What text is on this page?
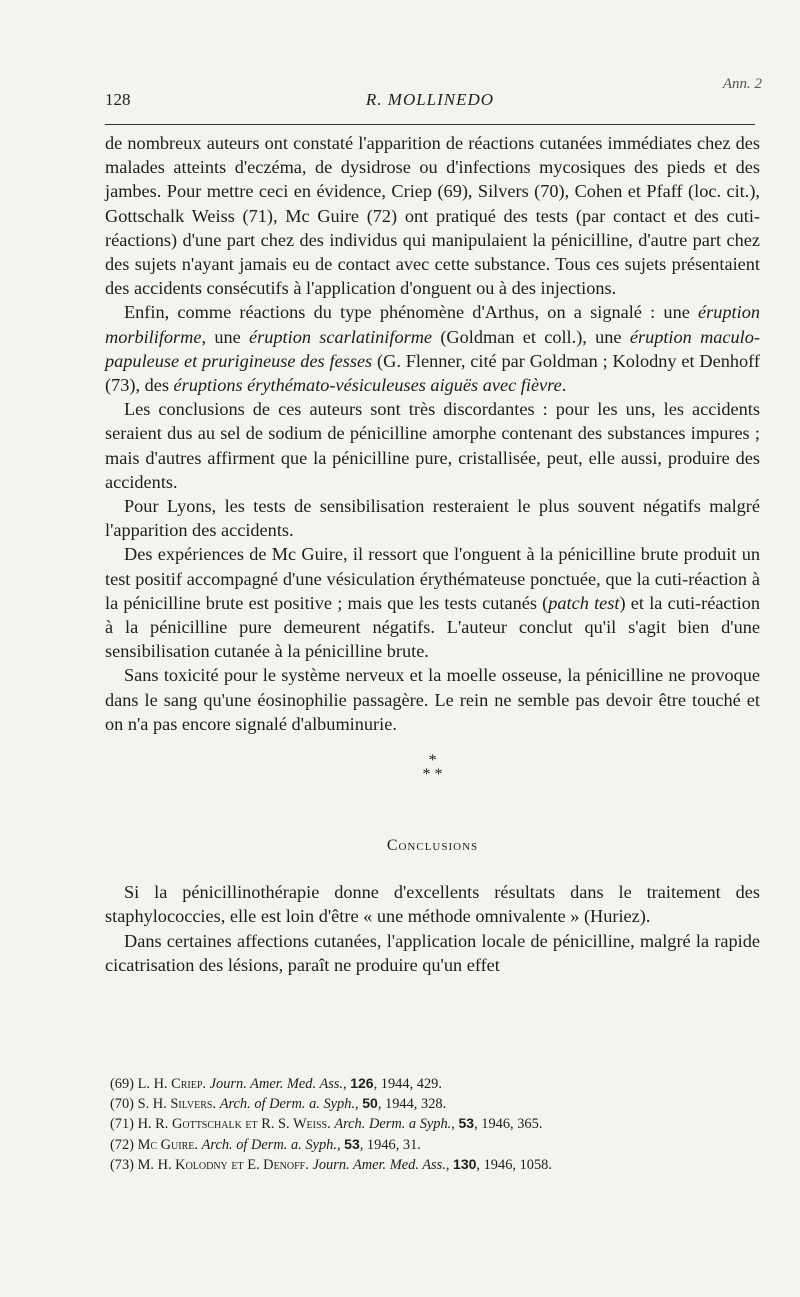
Ann. 2
128	R. MOLLINEDO

de nombreux auteurs ont constaté l'apparition de réactions cutanées immédiates chez des malades atteints d'eczéma, de dysidrose ou d'infections mycosiques des pieds et des jambes. Pour mettre ceci en évidence, Criep (69), Silvers (70), Cohen et Pfaff (loc. cit.), Gottschalk Weiss (71), Mc Guire (72) ont pratiqué des tests (par contact et des cuti-réactions) d'une part chez des individus qui manipulaient la pénicilline, d'autre part chez des sujets n'ayant jamais eu de contact avec cette substance. Tous ces sujets présentaient des accidents consécutifs à l'application d'onguent ou à des injections.

Enfin, comme réactions du type phénomène d'Arthus, on a signalé : une éruption morbiliforme, une éruption scarlatiniforme (Goldman et coll.), une éruption maculo-papuleuse et prurigineuse des fesses (G. Flenner, cité par Goldman ; Kolodny et Denhoff (73), des éruptions érythémato-vésiculeuses aiguës avec fièvre.

Les conclusions de ces auteurs sont très discordantes : pour les uns, les accidents seraient dus au sel de sodium de pénicilline amorphe contenant des substances impures ; mais d'autres affirment que la pénicilline pure, cristallisée, peut, elle aussi, produire des accidents.

Pour Lyons, les tests de sensibilisation resteraient le plus souvent négatifs malgré l'apparition des accidents.

Des expériences de Mc Guire, il ressort que l'onguent à la pénicilline brute produit un test positif accompagné d'une vésiculation érythémateuse ponctuée, que la cuti-réaction à la pénicilline brute est positive ; mais que les tests cutanés (patch test) et la cuti-réaction à la pénicilline pure demeurent négatifs. L'auteur conclut qu'il s'agit bien d'une sensibilisation cutanée à la pénicilline brute.

Sans toxicité pour le système nerveux et la moelle osseuse, la pénicilline ne provoque dans le sang qu'une éosinophilie passagère. Le rein ne semble pas devoir être touché et on n'a pas encore signalé d'albuminurie.

*
* *
Conclusions

Si la pénicillinothérapie donne d'excellents résultats dans le traitement des staphylococcies, elle est loin d'être « une méthode omnivalente » (Huriez).

Dans certaines affections cutanées, l'application locale de pénicilline, malgré la rapide cicatrisation des lésions, paraît ne produire qu'un effet

(69) L. H. Criep. Journ. Amer. Med. Ass., 126, 1944, 429.
(70) S. H. Silvers. Arch. of Derm. a. Syph., 50, 1944, 328.
(71) H. R. Gottschalk et R. S. Weiss. Arch. Derm. a Syph., 53, 1946, 365.
(72) Mc Guire. Arch. of Derm. a. Syph., 53, 1946, 31.
(73) M. H. Kolodny et E. Denoff. Journ. Amer. Med. Ass., 130, 1946, 1058.
